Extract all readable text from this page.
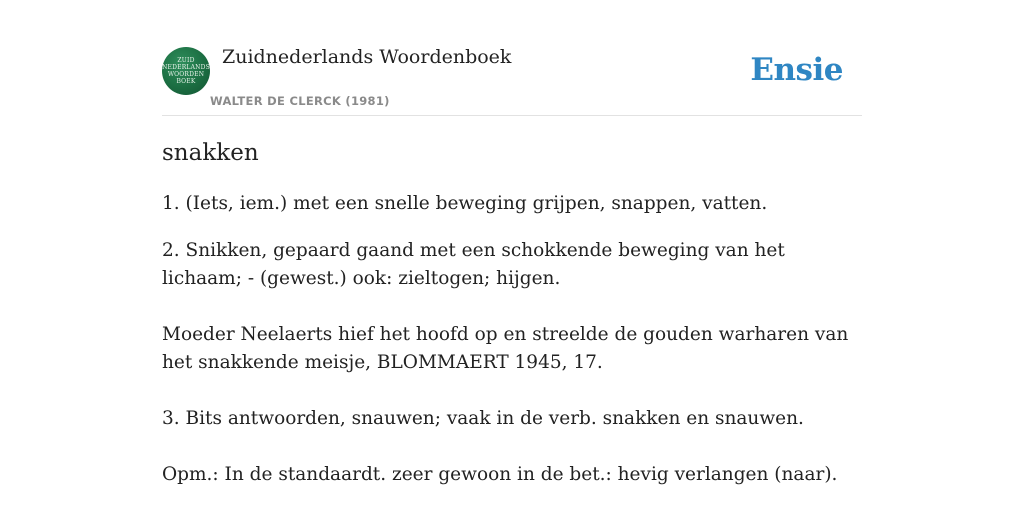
ZUID
NEDERLANDS
WOORDEN
BOEK
Zuidnederlands Woordenboek
WALTER DE CLERCK (1981)
Ensie
snakken

1. (Iets, iem.) met een snelle beweging grijpen, snappen, vatten.

2. Snikken, gepaard gaand met een schokkende beweging van het lichaam; - (gewest.) ook: zieltogen; hijgen.

Moeder Neelaerts hief het hoofd op en streelde de gouden warharen van het snakkende meisje, BLOMMAERT 1945, 17.

3. Bits antwoorden, snauwen; vaak in de verb. snakken en snauwen.

Opm.: In de standaardt. zeer gewoon in de bet.: hevig verlangen (naar).
